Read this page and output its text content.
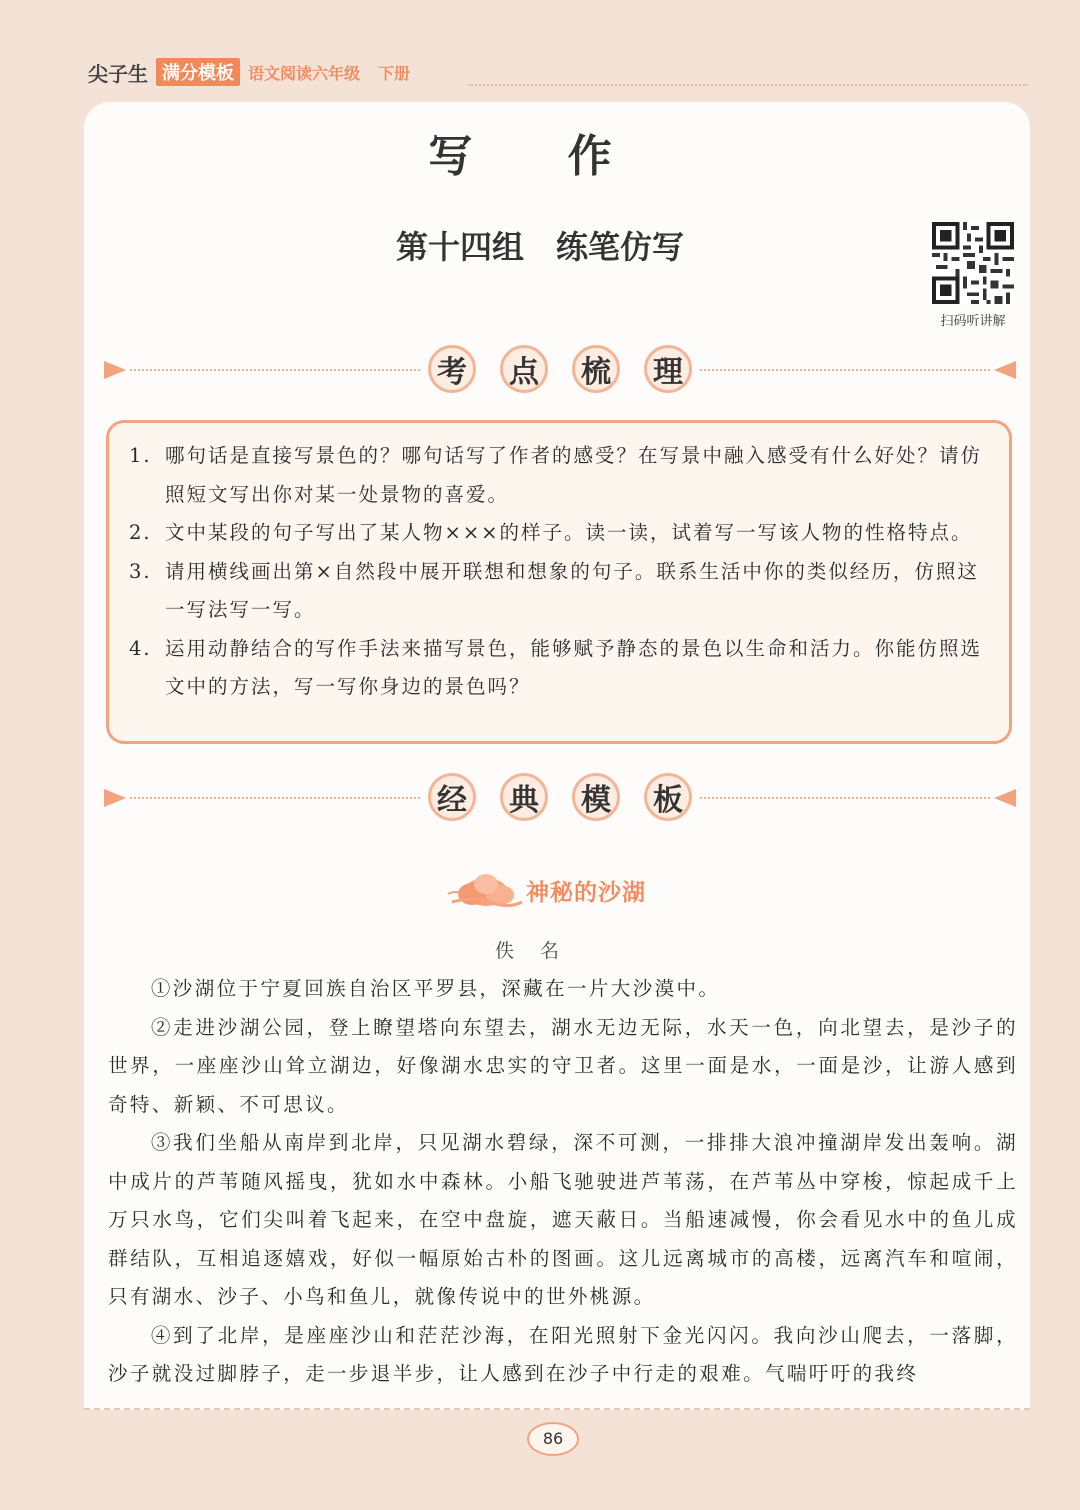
尖子生 满分模板 语文阅读六年级 下册
写 作
第十四组　练笔仿写
扫码听讲解
考	点	梳	理
1. 哪句话是直接写景色的？哪句话写了作者的感受？在写景中融入感受有什么好处？请仿照短文写出你对某一处景物的喜爱。
2. 文中某段的句子写出了某人物×××的样子。读一读，试着写一写该人物的性格特点。
3. 请用横线画出第×自然段中展开联想和想象的句子。联系生活中你的类似经历，仿照这一写法写一写。
4. 运用动静结合的写作手法来描写景色，能够赋予静态的景色以生命和活力。你能仿照选文中的方法，写一写你身边的景色吗？
经	典	模	板
神秘的沙湖
佚名

①沙湖位于宁夏回族自治区平罗县，深藏在一片大沙漠中。

②走进沙湖公园，登上瞭望塔向东望去，湖水无边无际，水天一色，向北望去，是沙子的世界，一座座沙山耸立湖边，好像湖水忠实的守卫者。这里一面是水，一面是沙，让游人感到奇特、新颖、不可思议。

③我们坐船从南岸到北岸，只见湖水碧绿，深不可测，一排排大浪冲撞湖岸发出轰响。湖中成片的芦苇随风摇曳，犹如水中森林。小船飞驰驶进芦苇荡，在芦苇丛中穿梭，惊起成千上万只水鸟，它们尖叫着飞起来，在空中盘旋，遮天蔽日。当船速减慢，你会看见水中的鱼儿成群结队，互相追逐嬉戏，好似一幅原始古朴的图画。这儿远离城市的高楼，远离汽车和喧闹，只有湖水、沙子、小鸟和鱼儿，就像传说中的世外桃源。

④到了北岸，是座座沙山和茫茫沙海，在阳光照射下金光闪闪。我向沙山爬去，一落脚，沙子就没过脚脖子，走一步退半步，让人感到在沙子中行走的艰难。气喘吁吁的我终

86
